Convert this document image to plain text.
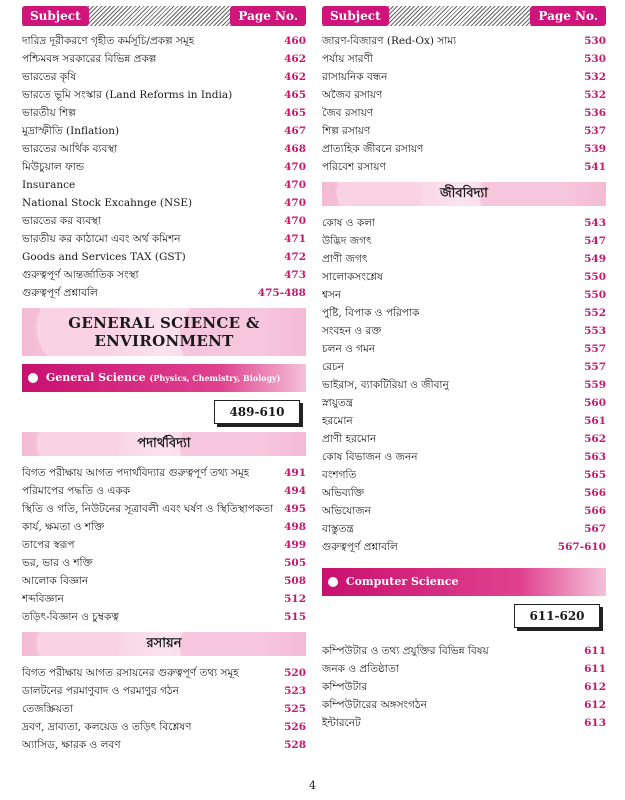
Subject	Page No.
দারিদ্র দূরীকরণে গৃহীত কর্মসূচি/প্রকল্প সমূহ	460
পশ্চিমবঙ্গ সরকারের বিভিন্ন প্রকল্প	462
ভারতের কৃষি	462
ভারতে ভূমি সংস্কার (Land Reforms in India)	465
ভারতীয় শিল্প	465
মুদ্রাস্ফীতি (Inflation)	467
ভারতের আর্থিক ব্যবস্থা	468
মিউচুয়াল ফান্ড	470
Insurance	470
National Stock Excahnge (NSE)	470
ভারতের কর ব্যবস্থা	470
ভারতীয় কর কাঠামো এবং অর্থ কমিশন	471
Goods and Services TAX (GST)	472
গুরুত্বপূর্ণ আন্তর্জাতিক সংস্থা	473
গুরুত্বপূর্ণ প্রশ্নাবলি	475-488
GENERAL SCIENCE &
ENVIRONMENT
General Science (Physics, Chemistry, Biology)
489-610
পদার্থবিদ্যা
বিগত পরীক্ষায় আগত পদার্থবিদ্যার গুরুত্বপূর্ণ তথ্য সমূহ	491
পরিমাপের পদ্ধতি ও একক	494
স্থিতি ও গতি, নিউটনের সূত্রাবলী এবং ঘর্ষণ ও স্থিতিস্থাপকতা 495
কার্য, ক্ষমতা ও শক্তি	498
তাপের স্বরূপ	499
ভর, ভার ও শক্তি	505
আলোক বিজ্ঞান	508
শব্দবিজ্ঞান	512
তড়িৎ-বিজ্ঞান ও চুম্বকত্ব	515
রসায়ন
বিগত পরীক্ষায় আগত রসায়নের গুরুত্বপূর্ণ তথ্য সমূহ	520
ডালটনের পরমাণুবাদ ও পরমাণুর গঠন	523
তেজস্ক্রিয়তা	525
দ্রবণ, দ্রাব্যতা, কলয়েড ও তড়িৎ বিশ্লেষণ	526
অ্যাসিড, ক্ষারক ও লবণ	528
Subject	Page No.
জারণ-বিজারণ (Red-Ox) সাম্য	530
পর্যায় সারণী	530
রাসায়নিক বন্ধন	532
অজৈব রসায়ণ	532
জৈব রসায়ণ	536
শিল্প রসায়ণ	537
প্রাত্যহিক জীবনে রসায়ণ	539
পরিবেশ রসায়ণ	541
জীববিদ্যা
কোষ ও কলা	543
উদ্ভিদ জগৎ	547
প্রাণী জগৎ	549
সালোকসংশ্লেষ	550
শ্বসন	550
পুষ্টি, বিপাক ও পরিপাক	552
সংবহন ও রক্ত	553
চলন ও গমন	557
রেচন	557
ভাইরাস, ব্যাকটিরিয়া ও জীবানু	559
স্নায়ুতন্ত্র	560
হরমোন	561
প্রাণী হরমোন	562
কোষ বিভাজন ও জনন	563
বংশগতি	565
অভিব্যক্তি	566
অভিযোজন	566
বাস্তুতন্ত্র	567
গুরুত্বপূর্ণ প্রশ্নাবলি	567-610
Computer Science
611-620
কম্পিউটার ও তথ্য প্রযুক্তির বিভিন্ন বিষয়	611
জনক ও প্রতিষ্ঠাতা	611
কম্পিউটার	612
কম্পিউটারের অঙ্গসংগঠন	612
ইন্টারনেট	613
4
